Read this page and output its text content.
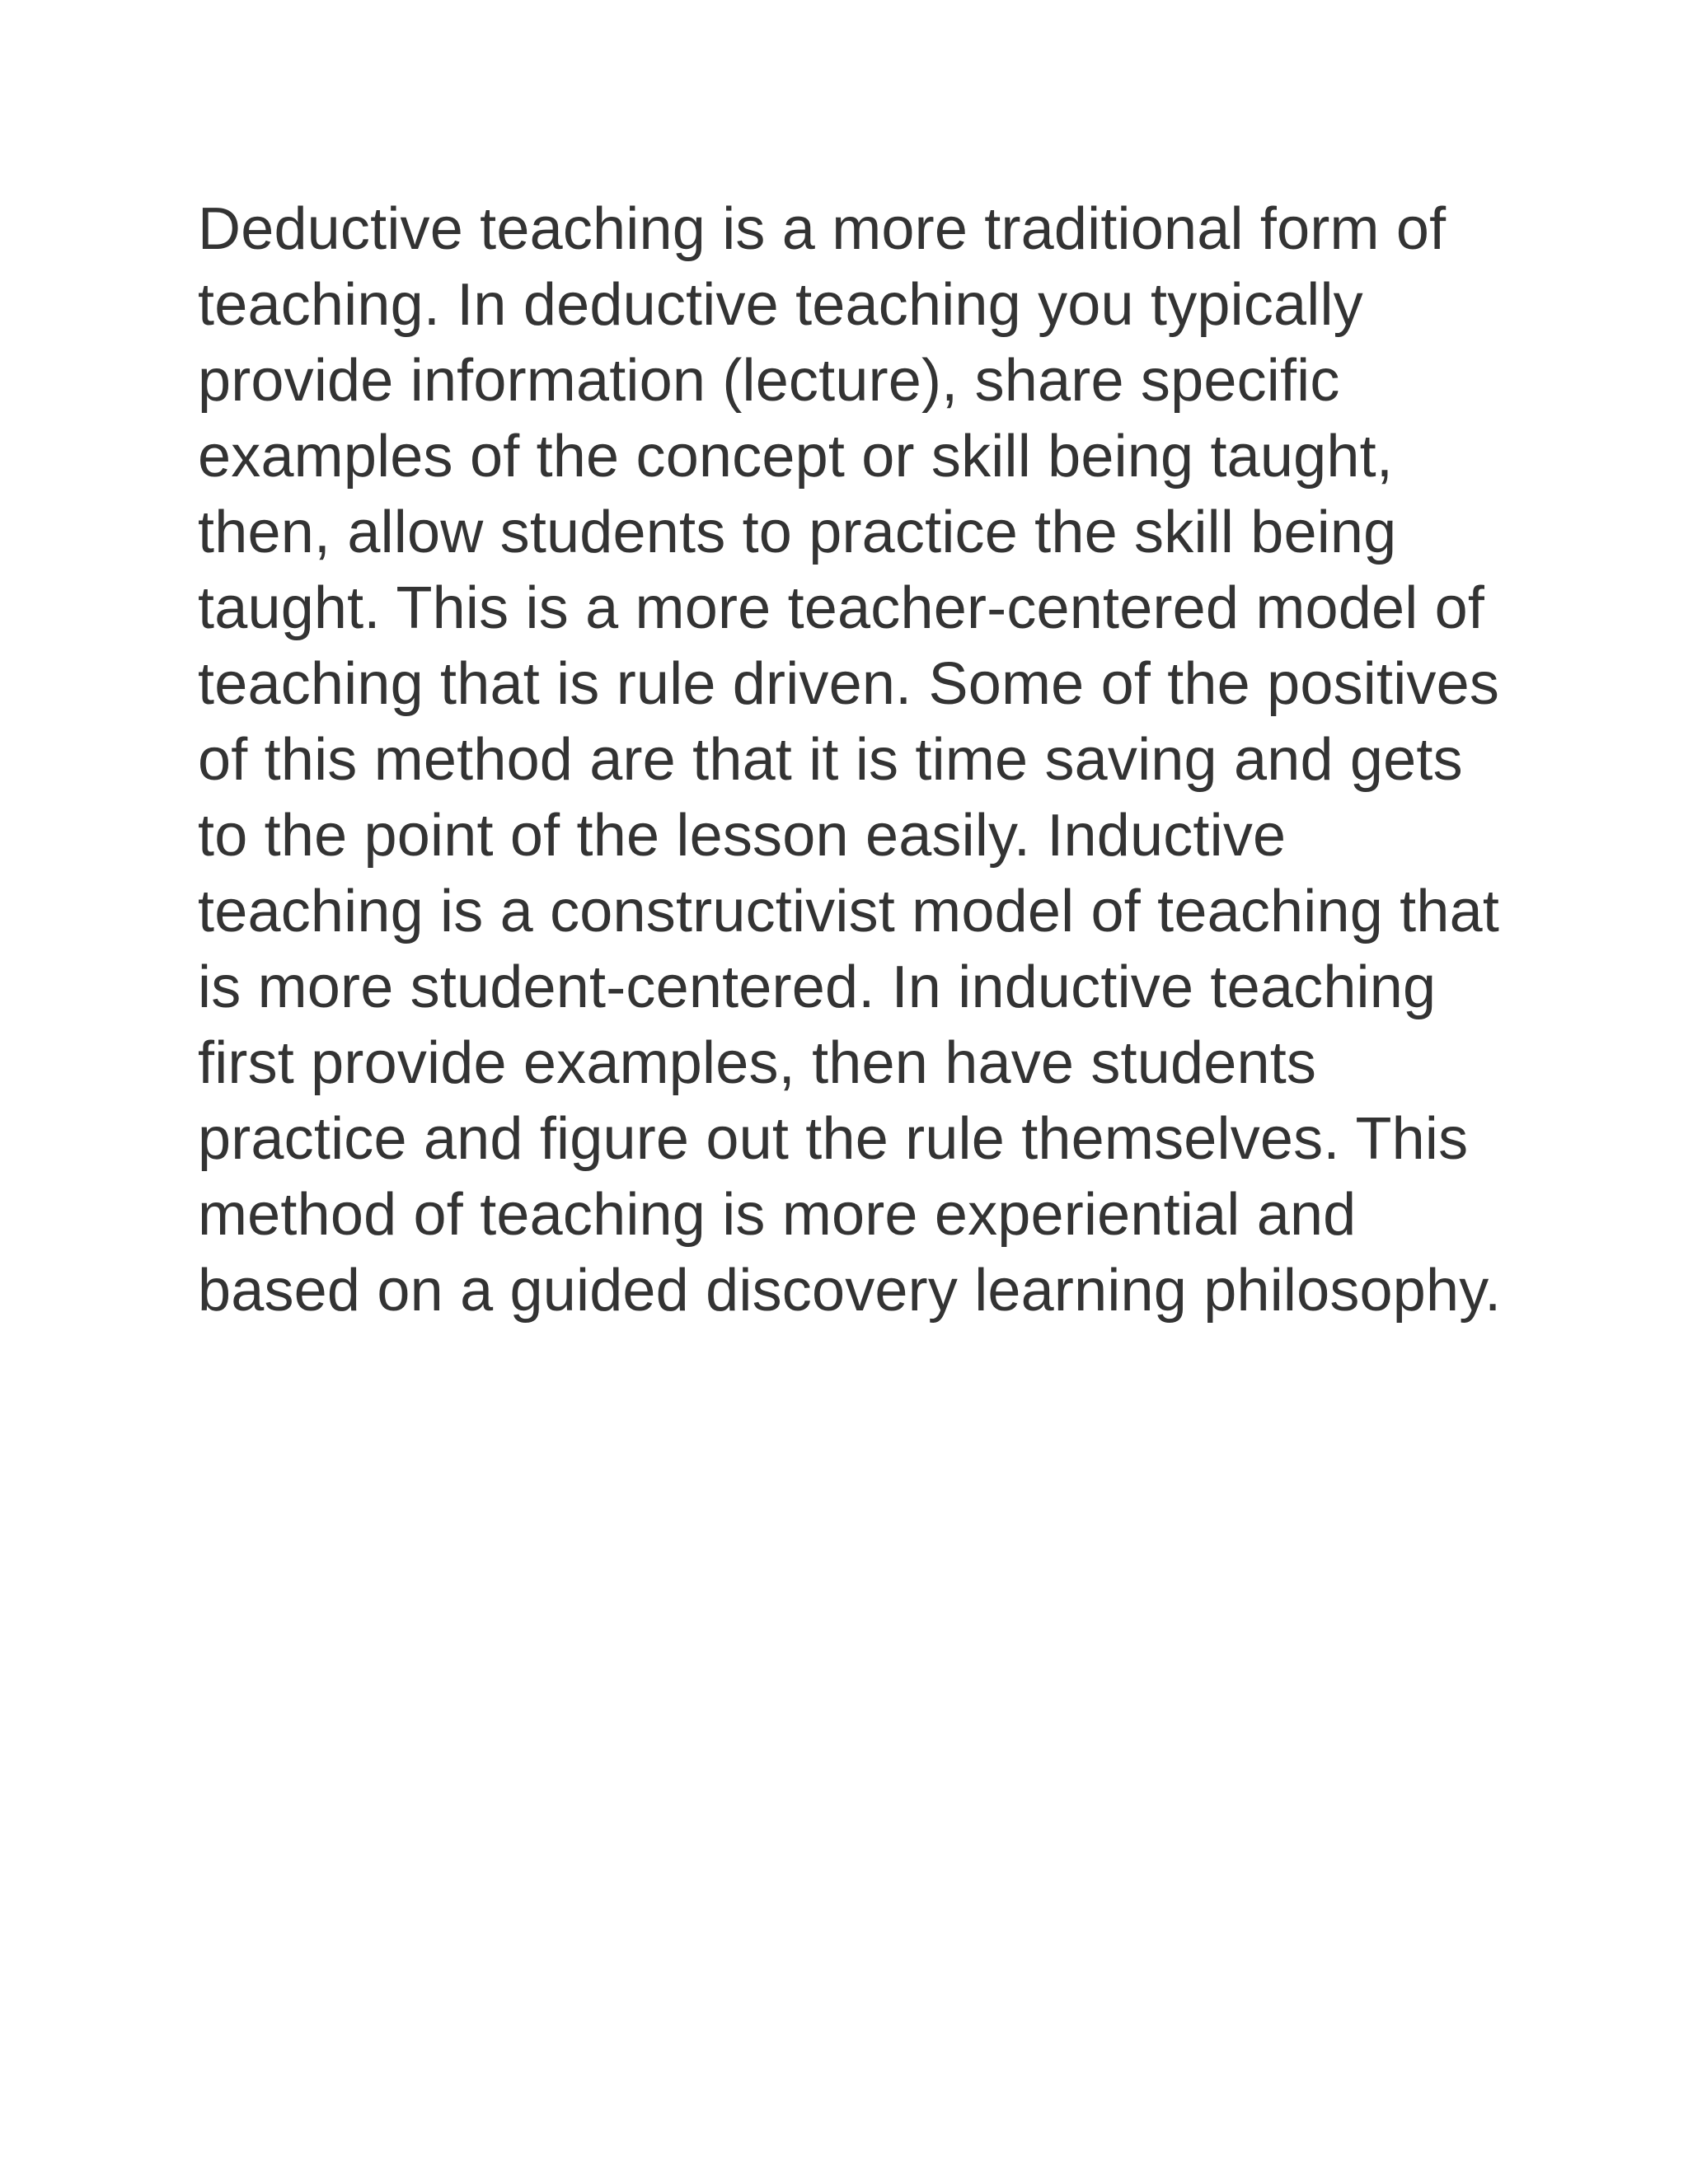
Deductive teaching is a more traditional form of
teaching. In deductive teaching you typically
provide information (lecture), share specific
examples of the concept or skill being taught,
then, allow students to practice the skill being
taught. This is a more teacher-centered model of
teaching that is rule driven. Some of the positives
of this method are that it is time saving and gets
to the point of the lesson easily. Inductive
teaching is a constructivist model of teaching that
is more student-centered. In inductive teaching
first provide examples, then have students
practice and figure out the rule themselves. This
method of teaching is more experiential and
based on a guided discovery learning philosophy.
